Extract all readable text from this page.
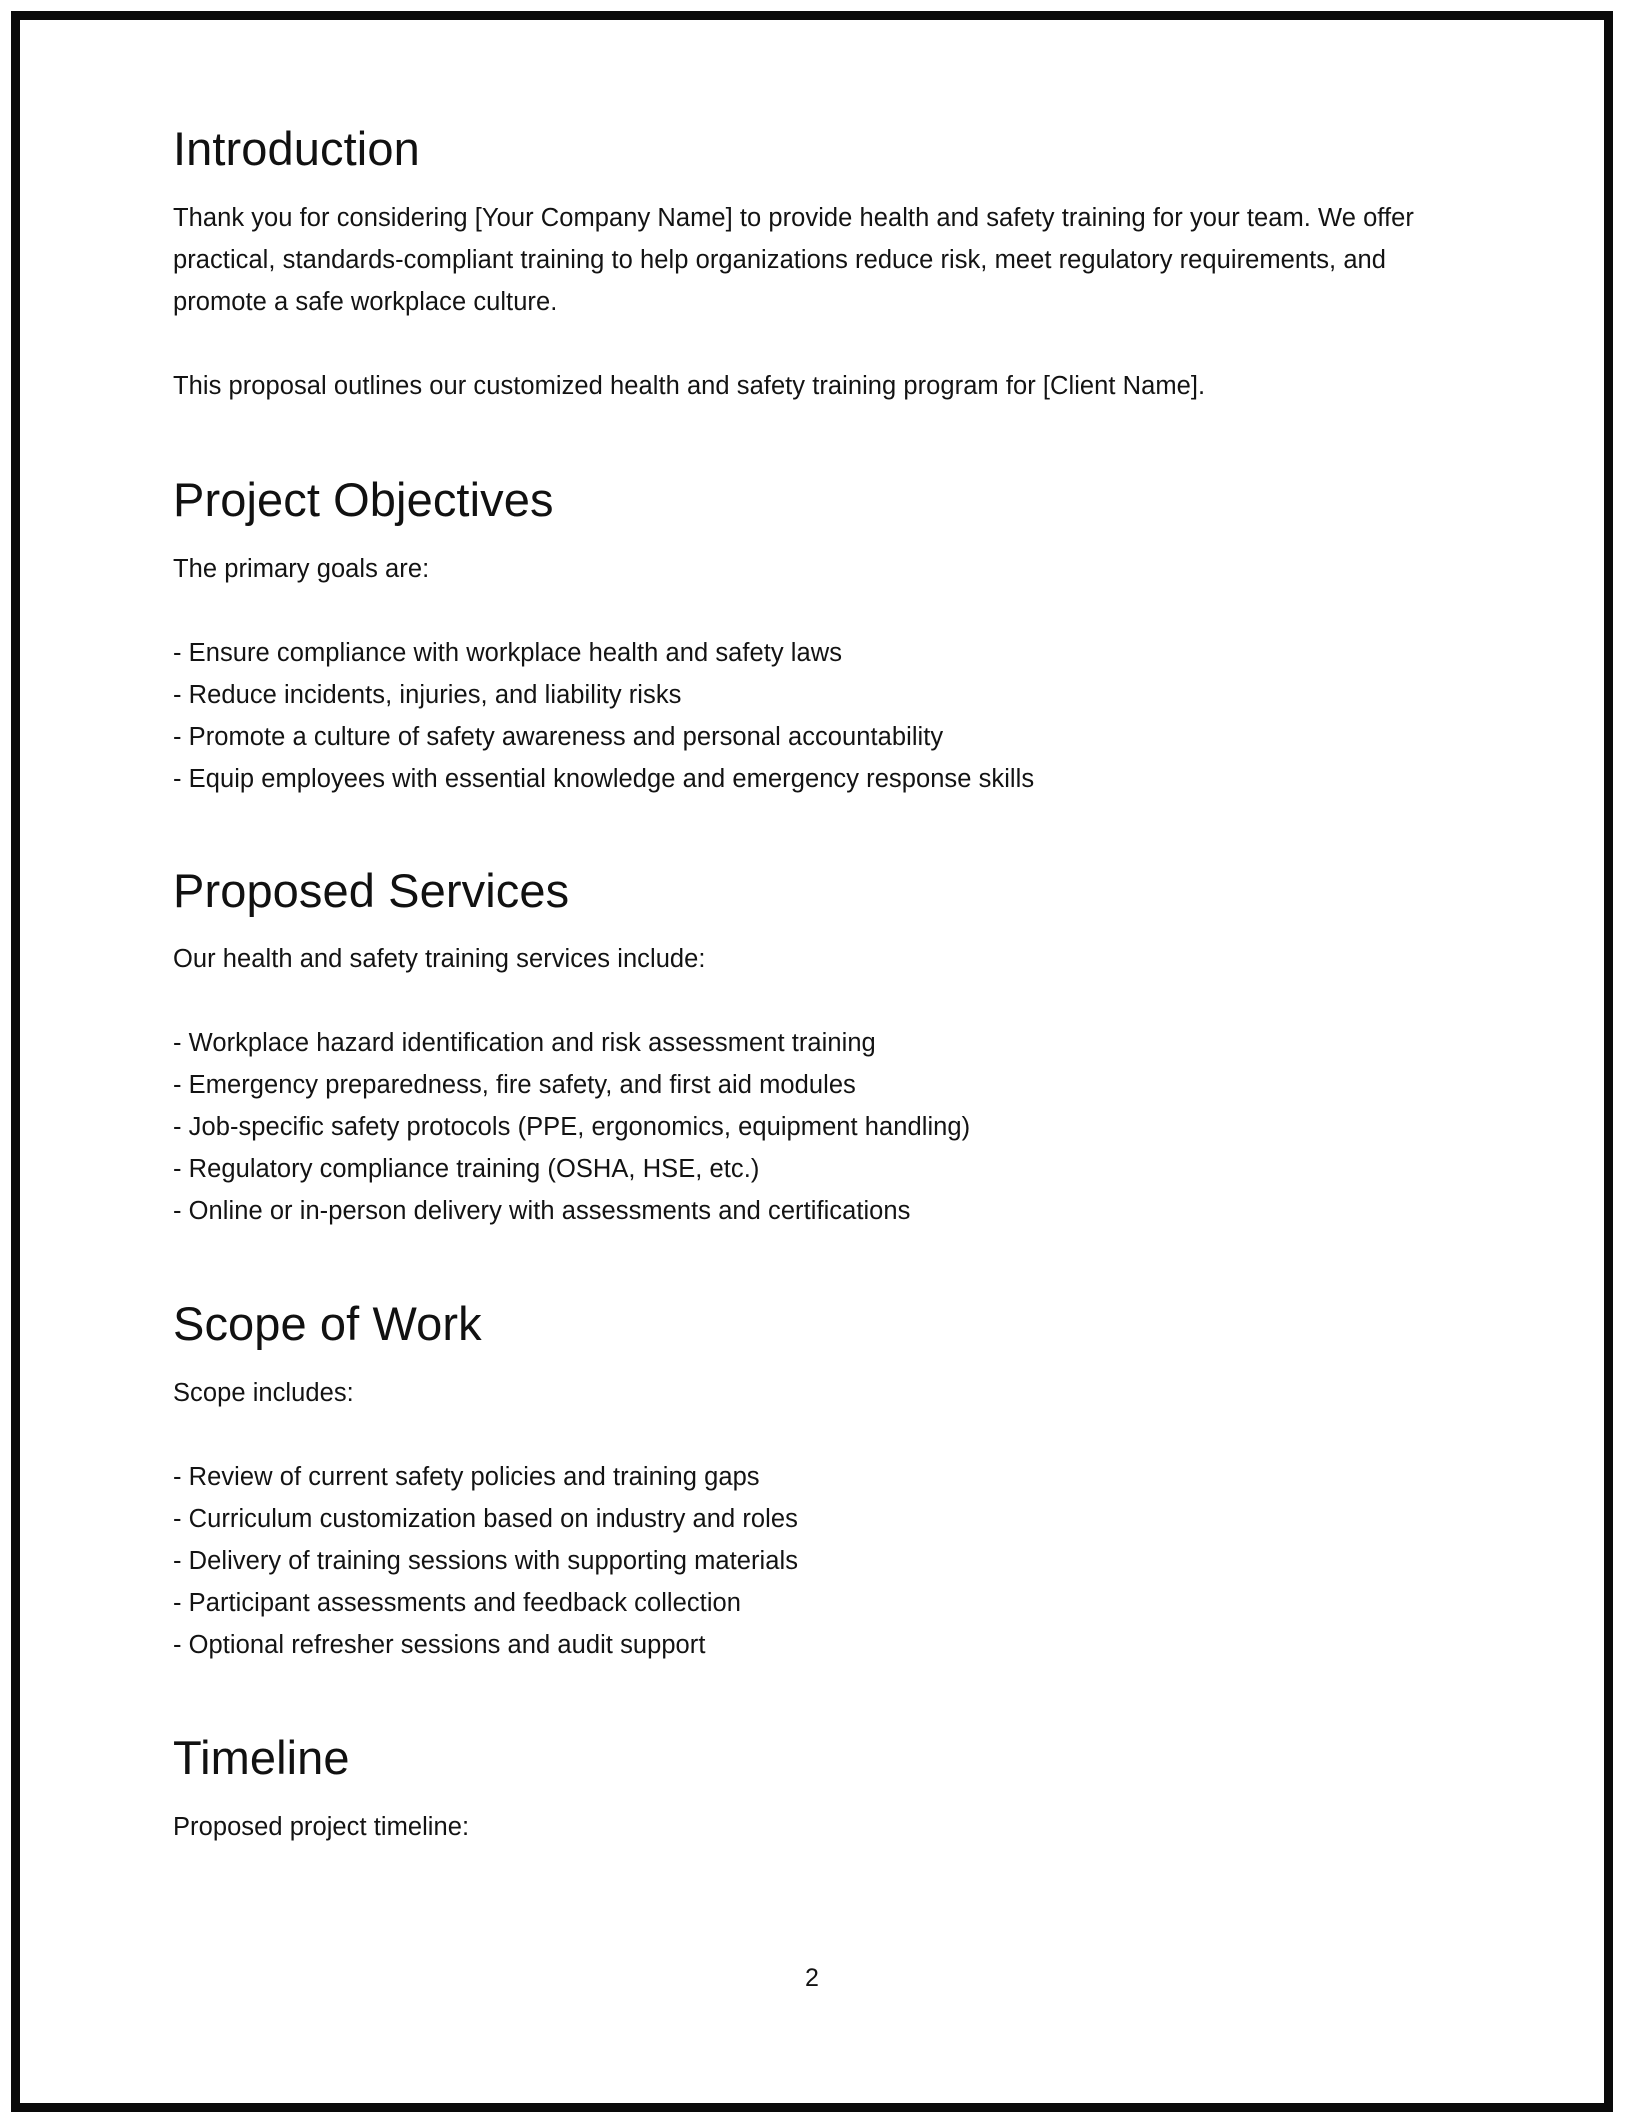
Introduction

Thank you for considering [Your Company Name] to provide health and safety training for your team. We offer practical, standards-compliant training to help organizations reduce risk, meet regulatory requirements, and promote a safe workplace culture.

This proposal outlines our customized health and safety training program for [Client Name].

Project Objectives

The primary goals are:

- Ensure compliance with workplace health and safety laws
- Reduce incidents, injuries, and liability risks
- Promote a culture of safety awareness and personal accountability
- Equip employees with essential knowledge and emergency response skills
Proposed Services

Our health and safety training services include:

- Workplace hazard identification and risk assessment training
- Emergency preparedness, fire safety, and first aid modules
- Job-specific safety protocols (PPE, ergonomics, equipment handling)
- Regulatory compliance training (OSHA, HSE, etc.)
- Online or in-person delivery with assessments and certifications
Scope of Work

Scope includes:

- Review of current safety policies and training gaps
- Curriculum customization based on industry and roles
- Delivery of training sessions with supporting materials
- Participant assessments and feedback collection
- Optional refresher sessions and audit support
Timeline

Proposed project timeline:

2
